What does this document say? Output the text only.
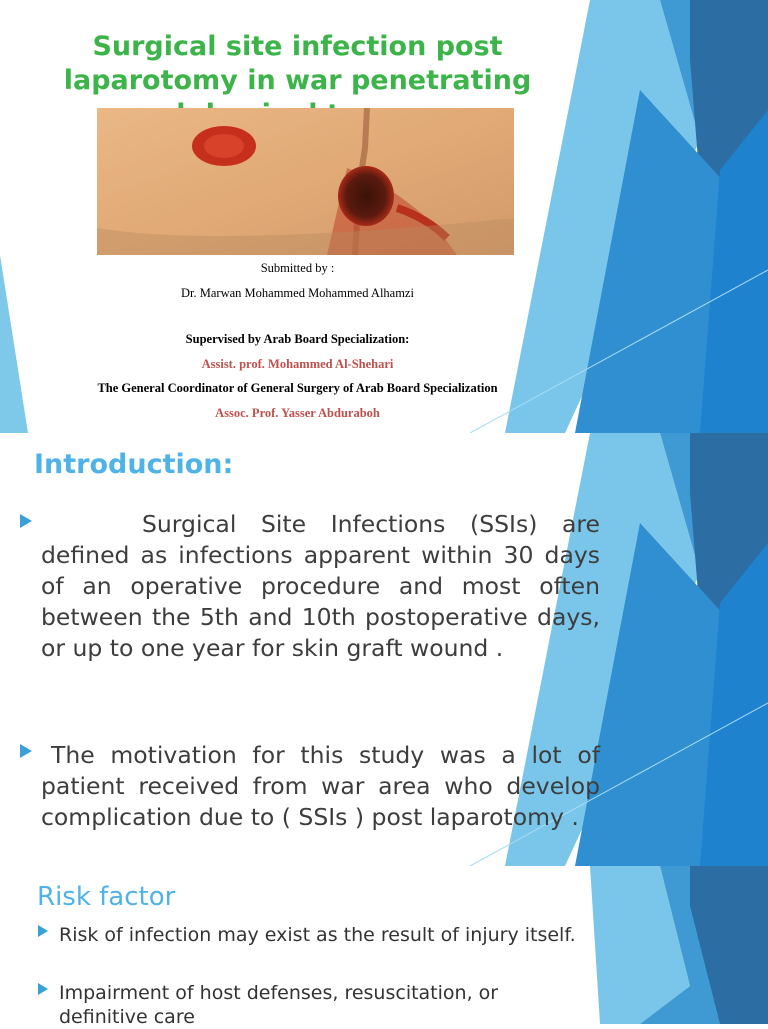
Surgical site infection post laparotomy in war penetrating
Submitted by :
Dr. Marwan Mohammed Mohammed Alhamzi
Supervised by Arab Board Specialization:
Assist. prof. Mohammed Al-Shehari
The General Coordinator of General Surgery of Arab Board Specialization
Assoc. Prof. Yasser Abduraboh
Introduction:

Surgical Site Infections (SSIs) are defined as infections apparent within 30 days of an operative procedure and most often between the 5th and 10th postoperative days, or up to one year for skin graft wound .

The motivation for this study was a lot of patient received from war area who develop complication due to ( SSIs ) post laparotomy .

Risk factor

Risk of infection may exist as the result of injury itself.

Impairment of host defenses, resuscitation, or definitive care
